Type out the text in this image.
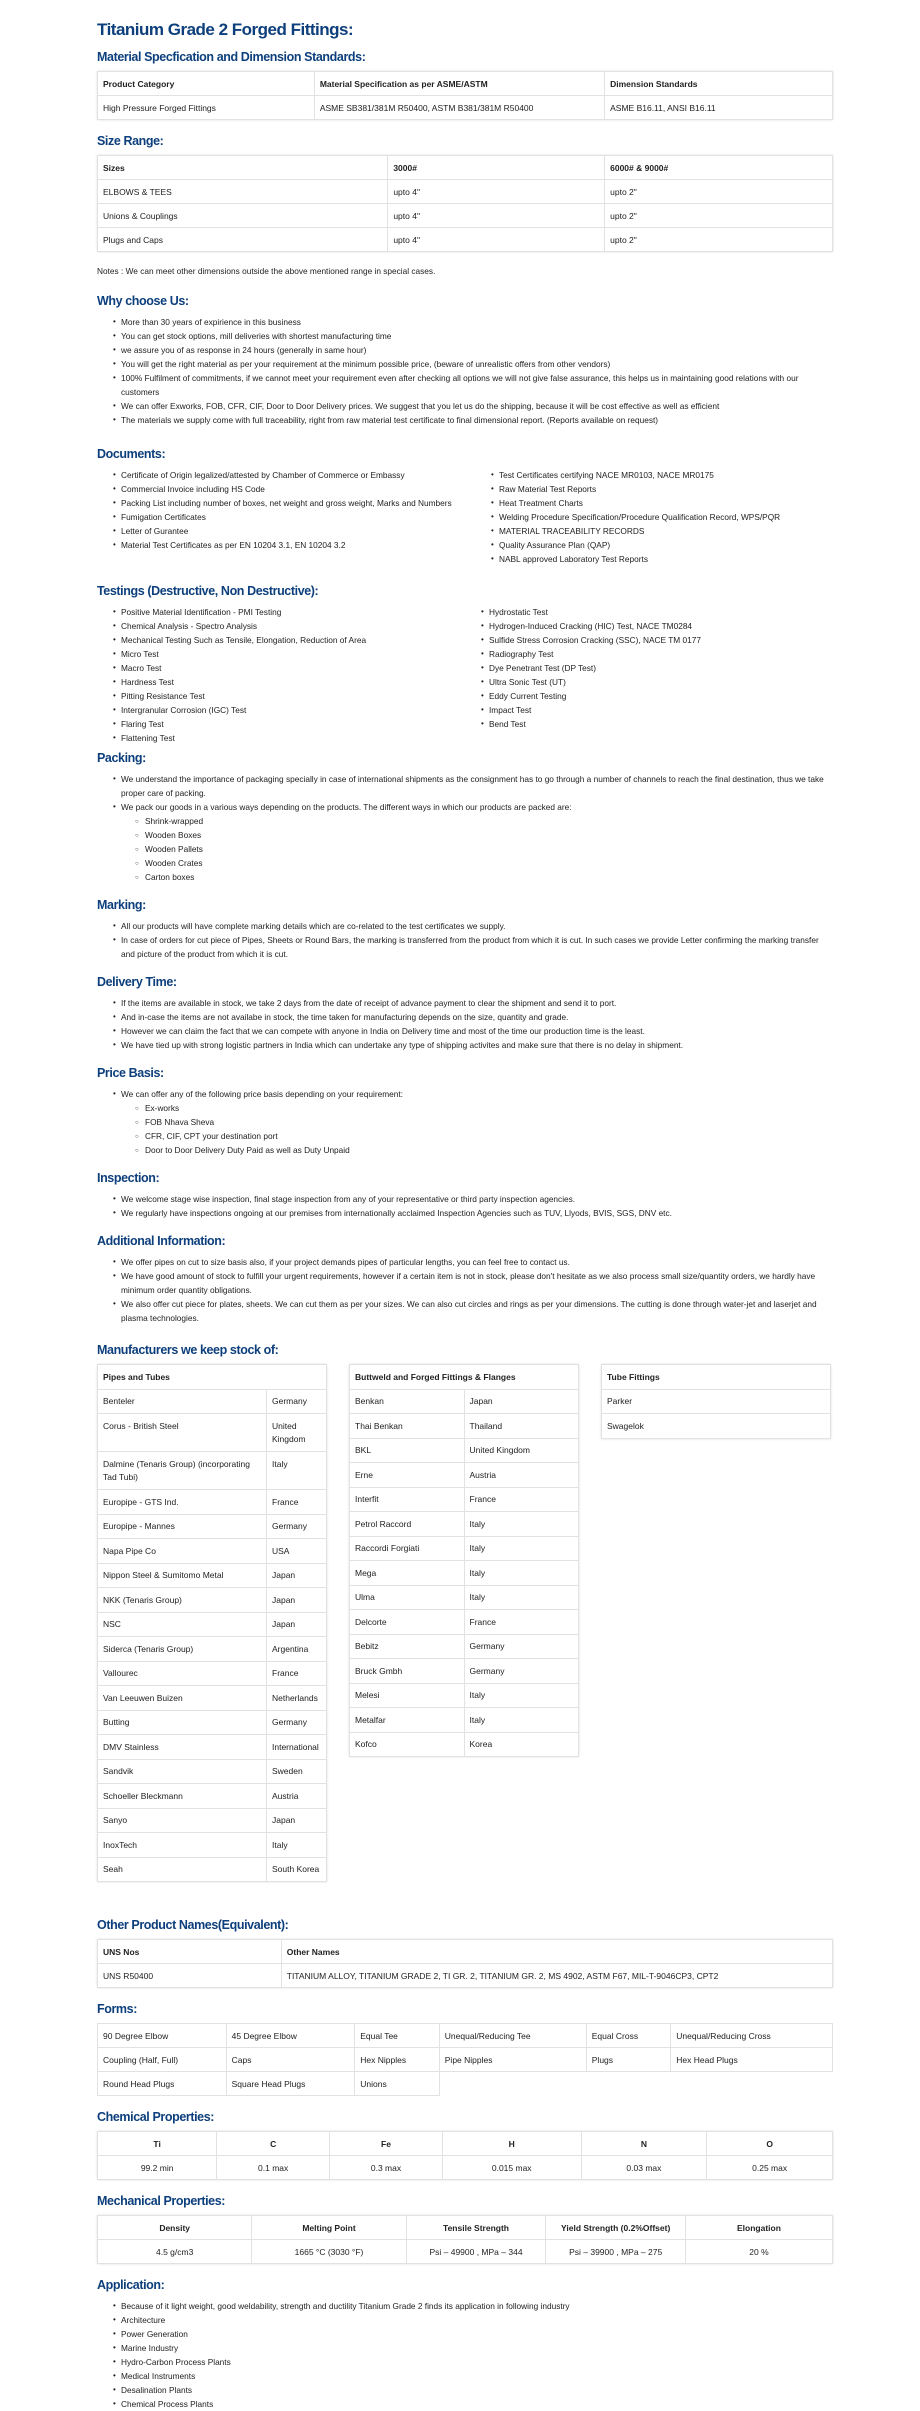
Titanium Grade 2 Forged Fittings:
Material Specfication and Dimension Standards:
Product Category	Material Specification as per ASME/ASTM	Dimension Standards
High Pressure Forged Fittings	ASME SB381/381M R50400, ASTM B381/381M R50400	ASME B16.11, ANSI B16.11
Size Range:
Sizes	3000#	6000# & 9000#
ELBOWS & TEES	upto 4"	upto 2"
Unions & Couplings	upto 4"	upto 2"
Plugs and Caps	upto 4"	upto 2"

Notes : We can meet other dimensions outside the above mentioned range in special cases.

Why choose Us:
• More than 30 years of expirience in this business
• You can get stock options, mill deliveries with shortest manufacturing time
• we assure you of as response in 24 hours (generally in same hour)
• You will get the right material as per your requirement at the minimum possible price, (beware of unrealistic offers from other vendors)
• 100% Fulfilment of commitments, if we cannot meet your requirement even after checking all options we will not give false assurance, this helps us in maintaining good relations with our customers
• We can offer Exworks, FOB, CFR, CIF, Door to Door Delivery prices. We suggest that you let us do the shipping, because it will be cost effective as well as efficient
• The materials we supply come with full traceability, right from raw material test certificate to final dimensional report. (Reports available on request)
Documents:
• Certificate of Origin legalized/attested by Chamber of Commerce or Embassy
• Commercial Invoice including HS Code
• Packing List including number of boxes, net weight and gross weight, Marks and Numbers
• Fumigation Certificates
• Letter of Gurantee
• Material Test Certificates as per EN 10204 3.1, EN 10204 3.2
• Test Certificates certifying NACE MR0103, NACE MR0175
• Raw Material Test Reports
• Heat Treatment Charts
• Welding Procedure Specification/Procedure Qualification Record, WPS/PQR
• MATERIAL TRACEABILITY RECORDS
• Quality Assurance Plan (QAP)
• NABL approved Laboratory Test Reports
Testings (Destructive, Non Destructive):
• Positive Material Identification - PMI Testing
• Chemical Analysis - Spectro Analysis
• Mechanical Testing Such as Tensile, Elongation, Reduction of Area
• Micro Test
• Macro Test
• Hardness Test
• Pitting Resistance Test
• Intergranular Corrosion (IGC) Test
• Flaring Test
• Flattening Test
• Hydrostatic Test
• Hydrogen-Induced Cracking (HIC) Test, NACE TM0284
• Sulfide Stress Corrosion Cracking (SSC), NACE TM 0177
• Radiography Test
• Dye Penetrant Test (DP Test)
• Ultra Sonic Test (UT)
• Eddy Current Testing
• Impact Test
• Bend Test
Packing:
• We understand the importance of packaging specially in case of international shipments as the consignment has to go through a number of channels to reach the final destination, thus we take proper care of packing.
• We pack our goods in a various ways depending on the products. The different ways in which our products are packed are:
○ Shrink-wrapped
○ Wooden Boxes
○ Wooden Pallets
○ Wooden Crates
○ Carton boxes
Marking:
• All our products will have complete marking details which are co-related to the test certificates we supply.
• In case of orders for cut piece of Pipes, Sheets or Round Bars, the marking is transferred from the product from which it is cut. In such cases we provide Letter confirming the marking transfer and picture of the product from which it is cut.
Delivery Time:
• If the items are available in stock, we take 2 days from the date of receipt of advance payment to clear the shipment and send it to port.
• And in-case the items are not availabe in stock, the time taken for manufacturing depends on the size, quantity and grade.
• However we can claim the fact that we can compete with anyone in India on Delivery time and most of the time our production time is the least.
• We have tied up with strong logistic partners in India which can undertake any type of shipping activites and make sure that there is no delay in shipment.
Price Basis:
• We can offer any of the following price basis depending on your requirement:
○ Ex-works
○ FOB Nhava Sheva
○ CFR, CIF, CPT your destination port
○ Door to Door Delivery Duty Paid as well as Duty Unpaid
Inspection:
• We welcome stage wise inspection, final stage inspection from any of your representative or third party inspection agencies.
• We regularly have inspections ongoing at our premises from internationally acclaimed Inspection Agencies such as TUV, Llyods, BVIS, SGS, DNV etc.
Additional Information:
• We offer pipes on cut to size basis also, if your project demands pipes of particular lengths, you can feel free to contact us.
• We have good amount of stock to fulfill your urgent requirements, however if a certain item is not in stock, please don't hesitate as we also process small size/quantity orders, we hardly have minimum order quantity obligations.
• We also offer cut piece for plates, sheets. We can cut them as per your sizes. We can also cut circles and rings as per your dimensions. The cutting is done through water-jet and laserjet and plasma technologies.
Manufacturers we keep stock of:
Pipes and Tubes	
Benteler	Germany
Corus - British Steel	United Kingdom
Dalmine (Tenaris Group) (incorporating Tad Tubi)	Italy
Europipe - GTS Ind.	France
Europipe - Mannes	Germany
Napa Pipe Co	USA
Nippon Steel & Sumitomo Metal	Japan
NKK (Tenaris Group)	Japan
NSC	Japan
Siderca (Tenaris Group)	Argentina
Vallourec	France
Van Leeuwen Buizen	Netherlands
Butting	Germany
DMV Stainless	International
Sandvik	Sweden
Schoeller Bleckmann	Austria
Sanyo	Japan
InoxTech	Italy
Seah	South Korea
Buttweld and Forged Fittings & Flanges	
Benkan	Japan
Thai Benkan	Thailand
BKL	United Kingdom
Erne	Austria
Interfit	France
Petrol Raccord	Italy
Raccordi Forgiati	Italy
Mega	Italy
Ulma	Italy
Delcorte	France
Bebitz	Germany
Bruck Gmbh	Germany
Melesi	Italy
Metalfar	Italy
Kofco	Korea
Tube Fittings
Parker
Swagelok
Other Product Names(Equivalent):
UNS Nos	Other Names
UNS R50400	TITANIUM ALLOY, TITANIUM GRADE 2, TI GR. 2, TITANIUM GR. 2, MS 4902, ASTM F67, MIL-T-9046CP3, CPT2
Forms:
90 Degree Elbow	45 Degree Elbow	Equal Tee	Unequal/Reducing Tee	Equal Cross	Unequal/Reducing Cross
Coupling (Half, Full)	Caps	Hex Nipples	Pipe Nipples	Plugs	Hex Head Plugs
Round Head Plugs	Square Head Plugs	Unions			
Chemical Properties:
Ti	C	Fe	H	N	O
99.2 min	0.1 max	0.3 max	0.015 max	0.03 max	0.25 max
Mechanical Properties:
Density	Melting Point	Tensile Strength	Yield Strength (0.2%Offset)	Elongation
4.5 g/cm3	1665 °C (3030 °F)	Psi – 49900 , MPa – 344	Psi – 39900 , MPa – 275	20 %
Application:
• Because of it light weight, good weldability, strength and ductility Titanium Grade 2 finds its application in following industry
• Architecture
• Power Generation
• Marine Industry
• Hydro-Carbon Process Plants
• Medical Instruments
• Desalination Plants
• Chemical Process Plants
